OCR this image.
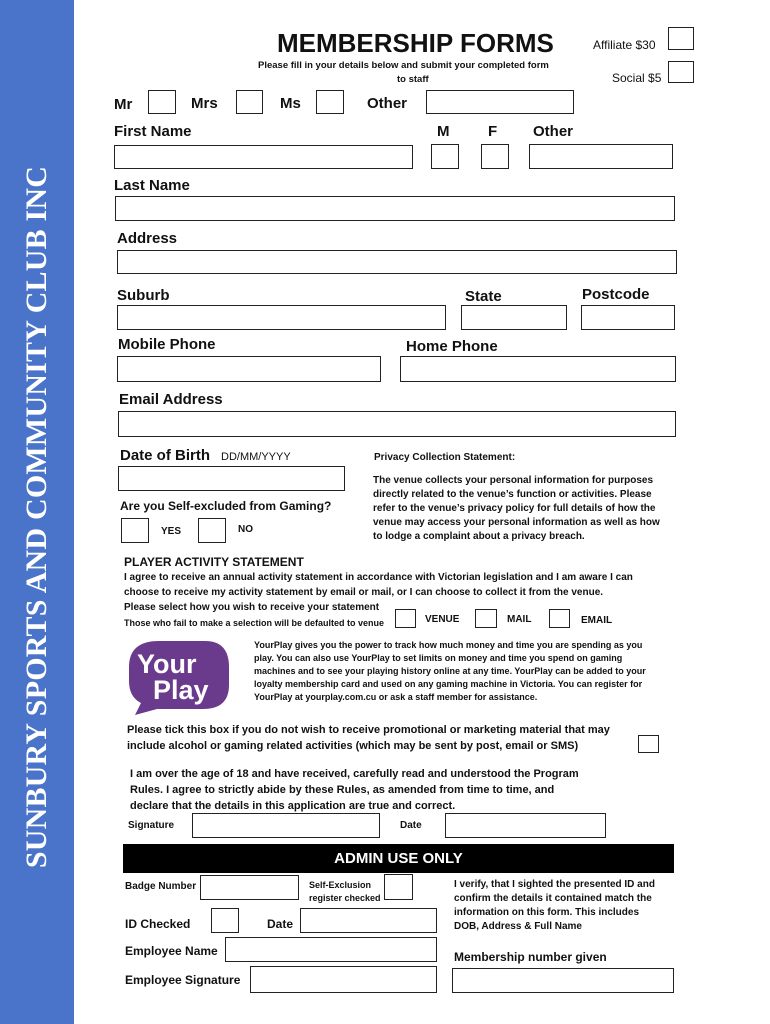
SUNBURY SPORTS AND COMMUNITY CLUB INC
MEMBERSHIP FORMS
Please fill in your details below and submit your completed form
to staff
Affiliate $30
Social $5
Mr	Mrs	Ms	Other
First Name	M	F Other
Last Name
Address
Suburb	State	Postcode
Mobile Phone	Home Phone
Email Address
Date of Birth DD/MM/YYYY	Privacy Collection Statement:
The venue collects your personal information for purposes
directly related to the venue’s function or activities. Please
refer to the venue’s privacy policy for full details of how the
venue may access your personal information as well as how
to lodge a complaint about a privacy breach.
Are you Self-excluded from Gaming?
YES	NO
PLAYER ACTIVITY STATEMENT
I agree to receive an annual activity statement in accordance with Victorian legislation and I am aware I can
choose to receive my activity statement by email or mail, or I can choose to collect it from the venue.
Please select how you wish to receive your statement
Those who fail to make a selection will be defaulted to venue	VENUE	MAIL	EMAIL
Your
Play
YourPlay gives you the power to track how much money and time you are spending as you
play. You can also use YourPlay to set limits on money and time you spend on gaming
machines and to see your playing history online at any time. YourPlay can be added to your
loyalty membership card and used on any gaming machine in Victoria. You can register for
YourPlay at yourplay.com.cu or ask a staff member for assistance.
Please tick this box if you do not wish to receive promotional or marketing material that may
include alcohol or gaming related activities (which may be sent by post, email or SMS)
I am over the age of 18 and have received, carefully read and understood the Program
Rules. I agree to strictly abide by these Rules, as amended from time to time, and
declare that the details in this application are true and correct.
Signature	Date
ADMIN USE ONLY
Badge Number	Self-Exclusion
register checked
I verify, that I sighted the presented ID and
confirm the details it contained match the
information on this form. This includes
DOB, Address & Full Name
ID Checked	Date
Employee Name	Membership number given
Employee Signature
